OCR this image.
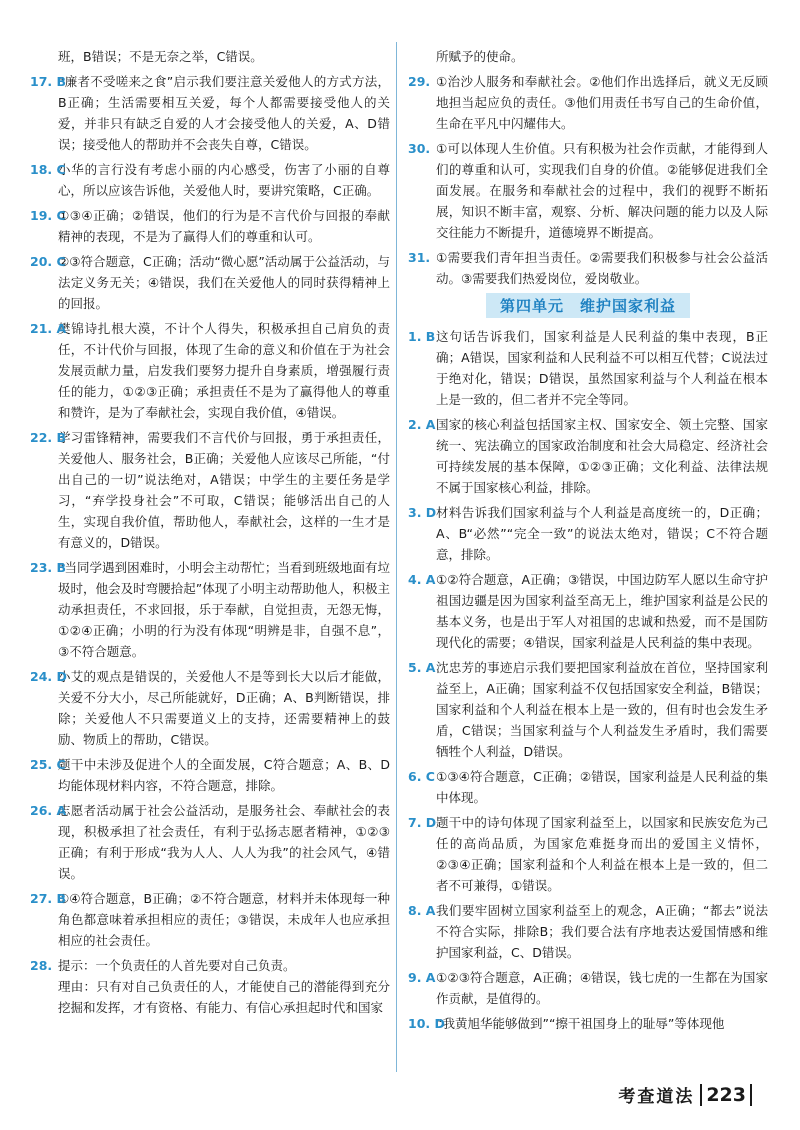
班，B错误；不是无奈之举，C错误。
17. B
“廉者不受嗟来之食”启示我们要注意关爱他人的方式方法，B正确；生活需要相互关爱，每个人都需要接受他人的关爱，并非只有缺乏自爱的人才会接受他人的关爱，A、D错误；接受他人的帮助并不会丧失自尊，C错误。
18. C
小华的言行没有考虑小丽的内心感受，伤害了小丽的自尊心，所以应该告诉他，关爱他人时，要讲究策略，C正确。
19. C
①③④正确；②错误，他们的行为是不言代价与回报的奉献精神的表现，不是为了赢得人们的尊重和认可。
20. C
②③符合题意，C正确；活动“微心愿”活动属于公益活动，与法定义务无关；④错误，我们在关爱他人的同时获得精神上的回报。
21. A
樊锦诗扎根大漠，不计个人得失，积极承担自己肩负的责任，不计代价与回报，体现了生命的意义和价值在于为社会发展贡献力量，启发我们要努力提升自身素质，增强履行责任的能力，①②③正确；承担责任不是为了赢得他人的尊重和赞许，是为了奉献社会，实现自我价值，④错误。
22. B
学习雷锋精神，需要我们不言代价与回报，勇于承担责任，关爱他人、服务社会，B正确；关爱他人应该尽己所能，“付出自己的一切”说法绝对，A错误；中学生的主要任务是学习，“弃学投身社会”不可取，C错误；能够活出自己的人生，实现自我价值，帮助他人，奉献社会，这样的一生才是有意义的，D错误。
23. B
“当同学遇到困难时，小明会主动帮忙；当看到班级地面有垃圾时，他会及时弯腰拾起”体现了小明主动帮助他人，积极主动承担责任，不求回报，乐于奉献，自觉担责，无怨无悔，①②④正确；小明的行为没有体现“明辨是非，自强不息”，③不符合题意。
24. D
小艾的观点是错误的，关爱他人不是等到长大以后才能做，关爱不分大小，尽己所能就好，D正确；A、B判断错误，排除；关爱他人不只需要道义上的支持，还需要精神上的鼓励、物质上的帮助，C错误。
25. C
题干中未涉及促进个人的全面发展，C符合题意；A、B、D均能体现材料内容，不符合题意，排除。
26. A
志愿者活动属于社会公益活动，是服务社会、奉献社会的表现，积极承担了社会责任，有利于弘扬志愿者精神，①②③正确；有利于形成“我为人人、人人为我”的社会风气，④错误。
27. B
①④符合题意，B正确；②不符合题意，材料并未体现每一种角色都意味着承担相应的责任；③错误，未成年人也应承担相应的社会责任。
28. 提示：一个负责任的人首先要对自己负责。
理由：只有对自己负责任的人，才能使自己的潜能得到充分挖掘和发挥，才有资格、有能力、有信心承担起时代和国家
所赋予的使命。
29. ①治沙人服务和奉献社会。②他们作出选择后，就义无反顾地担当起应负的责任。③他们用责任书写自己的生命价值，生命在平凡中闪耀伟大。
30. ①可以体现人生价值。只有积极为社会作贡献，才能得到人们的尊重和认可，实现我们自身的价值。②能够促进我们全面发展。在服务和奉献社会的过程中，我们的视野不断拓展，知识不断丰富，观察、分析、解决问题的能力以及人际交往能力不断提升，道德境界不断提高。
31. ①需要我们青年担当责任。②需要我们积极参与社会公益活动。③需要我们热爱岗位，爱岗敬业。
第四单元　维护国家利益
1. B 这句话告诉我们，国家利益是人民利益的集中表现，B正确；A错误，国家利益和人民利益不可以相互代替；C说法过于绝对化，错误；D错误，虽然国家利益与个人利益在根本上是一致的，但二者并不完全等同。
2. A 国家的核心利益包括国家主权、国家安全、领土完整、国家统一、宪法确立的国家政治制度和社会大局稳定、经济社会可持续发展的基本保障，①②③正确；文化利益、法律法规不属于国家核心利益，排除。
3. D 材料告诉我们国家利益与个人利益是高度统一的，D正确；A、B“必然”“完全一致”的说法太绝对，错误；C不符合题意，排除。
4. A ①②符合题意，A正确；③错误，中国边防军人愿以生命守护祖国边疆是因为国家利益至高无上，维护国家利益是公民的基本义务，也是出于军人对祖国的忠诚和热爱，而不是国防现代化的需要；④错误，国家利益是人民利益的集中表现。
5. A 沈忠芳的事迹启示我们要把国家利益放在首位，坚持国家利益至上，A正确；国家利益不仅包括国家安全利益，B错误；国家利益和个人利益在根本上是一致的，但有时也会发生矛盾，C错误；当国家利益与个人利益发生矛盾时，我们需要牺牲个人利益，D错误。
6. C ①③④符合题意，C正确；②错误，国家利益是人民利益的集中体现。
7. D 题干中的诗句体现了国家利益至上，以国家和民族安危为己任的高尚品质，为国家危难挺身而出的爱国主义情怀，②③④正确；国家利益和个人利益在根本上是一致的，但二者不可兼得，①错误。
8. A 我们要牢固树立国家利益至上的观念，A正确；“都去”说法不符合实际，排除B；我们要合法有序地表达爱国情感和维护国家利益，C、D错误。
9. A ①②③符合题意，A正确；④错误，钱七虎的一生都在为国家作贡献，是值得的。
10. D
“我黄旭华能够做到”“擦干祖国身上的耻辱”等体现他
考查道法 223
